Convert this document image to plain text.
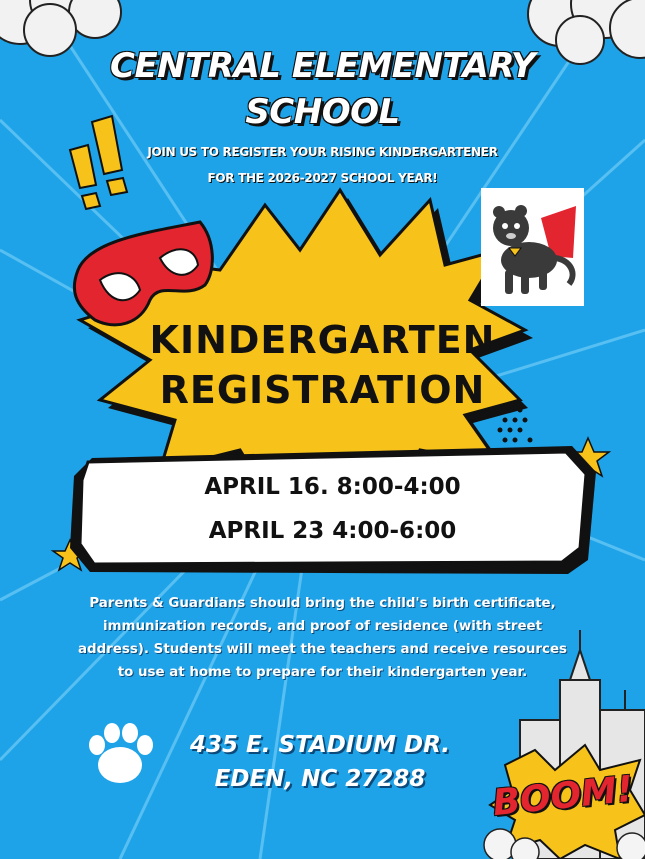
CENTRAL ELEMENTARY
SCHOOL
JOIN US TO REGISTER YOUR RISING KINDERGARTENER
FOR THE 2026-2027 SCHOOL YEAR!
KINDERGARTEN
REGISTRATION
APRIL 16. 8:00-4:00
APRIL 23 4:00-6:00
Parents & Guardians should bring the child's birth certificate,
immunization records, and proof of residence (with street
address). Students will meet the teachers and receive resources
to use at home to prepare for their kindergarten year.
435 E. STADIUM DR.
EDEN, NC 27288	BOOM!
